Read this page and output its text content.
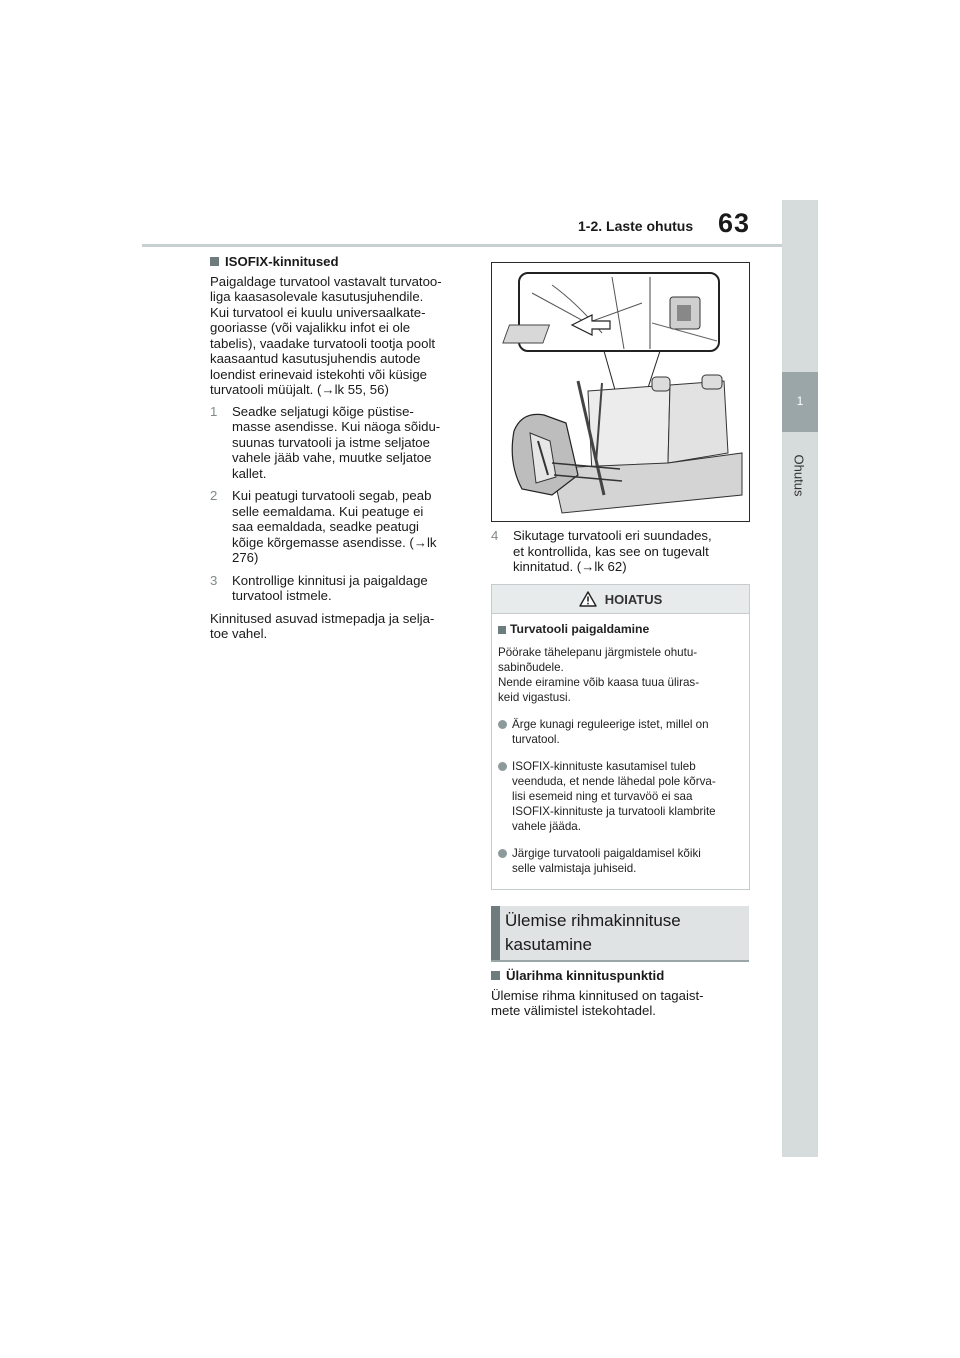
1-2. Laste ohutus 63
1
Ohutus
ISOFIX-kinnitused
Paigaldage turvatool vastavalt turvatoo-
liga kaasasolevale kasutusjuhendile.
Kui turvatool ei kuulu universaalkate-
gooriasse (või vajalikku infot ei ole
tabelis), vaadake turvatooli tootja poolt
kaasaantud kasutusjuhendis autode
loendist erinevaid istekohti või küsige
turvatooli müüjalt. (→lk 55, 56)
1	Seadke seljatugi kõige püstise-
masse asendisse. Kui näoga sõidu-
suunas turvatooli ja istme seljatoe
vahele jääb vahe, muutke seljatoe
kallet.
2	Kui peatugi turvatooli segab, peab
selle eemaldama. Kui peatuge ei
saa eemaldada, seadke peatugi
kõige kõrgemasse asendisse. (→lk
276)
3	Kontrollige kinnitusi ja paigaldage
turvatool istmele.
Kinnitused asuvad istmepadja ja selja-
toe vahel.
4	Sikutage turvatooli eri suundades,
et kontrollida, kas see on tugevalt
kinnitatud. (→lk 62)
HOIATUS
Turvatooli paigaldamine
Pöörake tähelepanu järgmistele ohutu-
sabinõudele.
Nende eiramine võib kaasa tuua üliras-
keid vigastusi.
Ärge kunagi reguleerige istet, millel on
turvatool.
ISOFIX-kinnituste kasutamisel tuleb
veenduda, et nende lähedal pole kõrva-
lisi esemeid ning et turvavöö ei saa
ISOFIX-kinnituste ja turvatooli klambrite
vahele jääda.
Järgige turvatooli paigaldamisel kõiki
selle valmistaja juhiseid.
Ülemise rihmakinnituse
kasutamine
Ülarihma kinnituspunktid
Ülemise rihma kinnitused on tagaist-
mete välimistel istekohtadel.
